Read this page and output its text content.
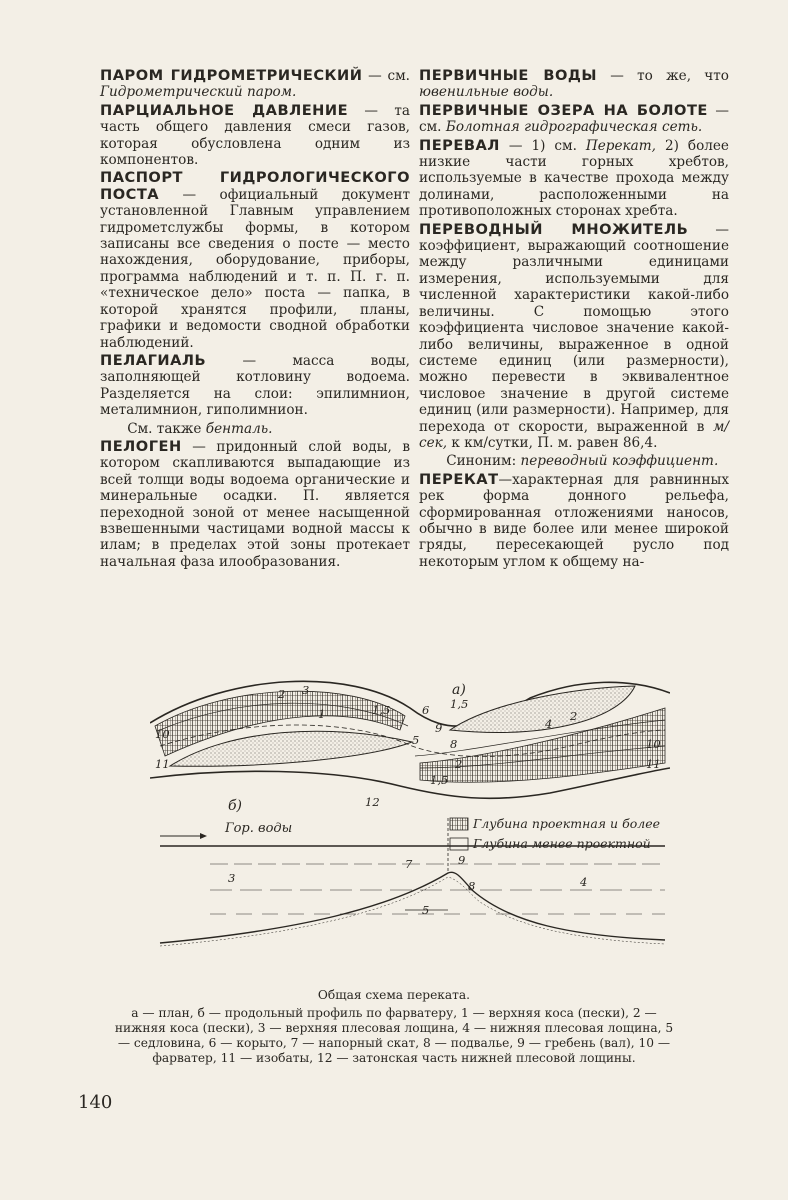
ПАРОМ ГИДРОМЕТРИЧЕСКИЙ — см. Гидрометрический паром.

ПАРЦИАЛЬНОЕ ДАВЛЕНИЕ — та часть общего давления смеси газов, которая обусловлена одним из компонентов.

ПАСПОРТ ГИДРОЛОГИЧЕСКОГО ПОСТА — официальный документ установленной Главным управлением гидрометслужбы формы, в котором записаны все сведения о посте — место нахождения, оборудование, приборы, программа наблюдений и т. п. П. г. п. «техническое дело» поста — папка, в которой хранятся профили, планы, графики и ведомости сводной обработки наблюдений.

ПЕЛАГИАЛЬ — масса воды, заполняющей котловину водоема. Разделяется на слои: эпилимнион, металимнион, гиполимнион.

См. также бенталь.

ПЕЛОГЕН — придонный слой воды, в котором скапливаются выпадающие из всей толщи воды водоема органические и минеральные осадки. П. является переходной зоной от менее насыщенной взвешенными частицами водной массы к илам; в пределах этой зоны протекает начальная фаза илообразования.

ПЕРВИЧНЫЕ ВОДЫ — то же, что ювенильные воды.

ПЕРВИЧНЫЕ ОЗЕРА НА БОЛОТЕ — см. Болотная гидрографическая сеть.

ПЕРЕВАЛ — 1) см. Перекат, 2) более низкие части горных хребтов, используемые в качестве прохода между долинами, расположенными на противоположных сторонах хребта.

ПЕРЕВОДНЫЙ МНОЖИТЕЛЬ — коэффициент, выражающий соотношение между различными единицами измерения, используемыми для численной характеристики какой-либо величины. С помощью этого коэффициента числовое значение какой-либо величины, выраженное в одной системе единиц (или размерности), можно перевести в эквивалентное числовое значение в другой системе единиц (или размерности). Например, для перехода от скорости, выраженной в м/сек, к км/сутки, П. м. равен 86,4.

Синоним: переводный коэффициент.

ПЕРЕКАТ—характерная для равнинных рек форма донного рельефа, сформированная отложениями наносов, обычно в виде более или менее широкой гряды, пересекающей русло под некоторым углом к общему на-

1
2 3
4
5
6
8
9
10
11
12
1,5	1,5
1,5
2
2
10
11
а)
б)
Глубина проектная и более
Глубина менее проектной
Гор. воды
3
7	9
8	4
5
Общая схема переката.
а — план, б — продольный профиль по фарватеру, 1 — верхняя коса (пески), 2 — нижняя коса (пески), 3 — верхняя плесовая лощина, 4 — нижняя плесовая лощина, 5 — седловина, 6 — корыто, 7 — напорный скат, 8 — подвалье, 9 — гребень (вал), 10 — фарватер, 11 — изобаты, 12 — затонская часть нижней плесовой лощины.
140
